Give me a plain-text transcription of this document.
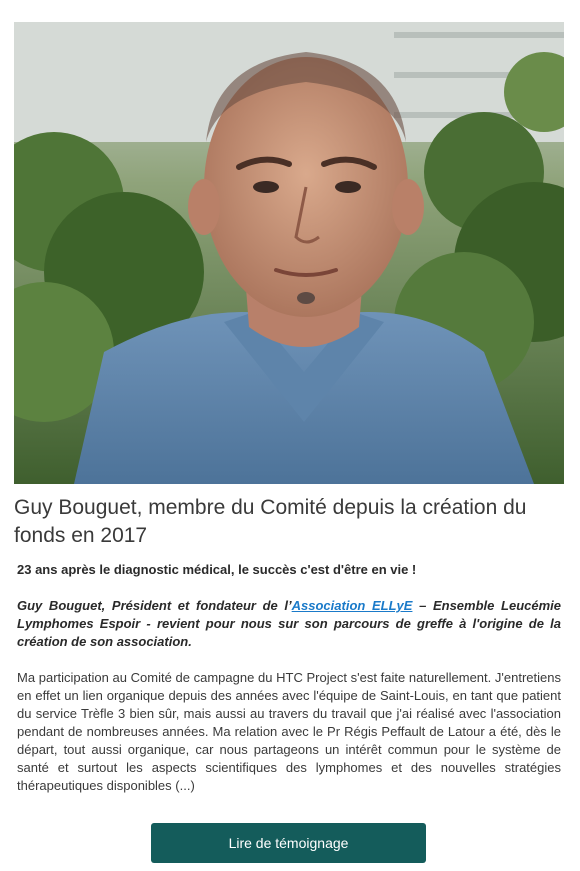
Guy Bouguet, membre du Comité depuis la création du fonds en 2017

23 ans après le diagnostic médical, le succès c'est d'être en vie !

Guy Bouguet, Président et fondateur de l’Association ELLyE – Ensemble Leucémie Lymphomes Espoir - revient pour nous sur son parcours de greffe à l'origine de la création de son association.

Ma participation au Comité de campagne du HTC Project s'est faite naturellement. J'entretiens en effet un lien organique depuis des années avec l'équipe de Saint-Louis, en tant que patient du service Trèfle 3 bien sûr, mais aussi au travers du travail que j'ai réalisé avec l'association pendant de nombreuses années. Ma relation avec le Pr Régis Peffault de Latour a été, dès le départ, tout aussi organique, car nous partageons un intérêt commun pour le système de santé et surtout les aspects scientifiques des lymphomes et des nouvelles stratégies thérapeutiques disponibles (...)

Lire de témoignage
